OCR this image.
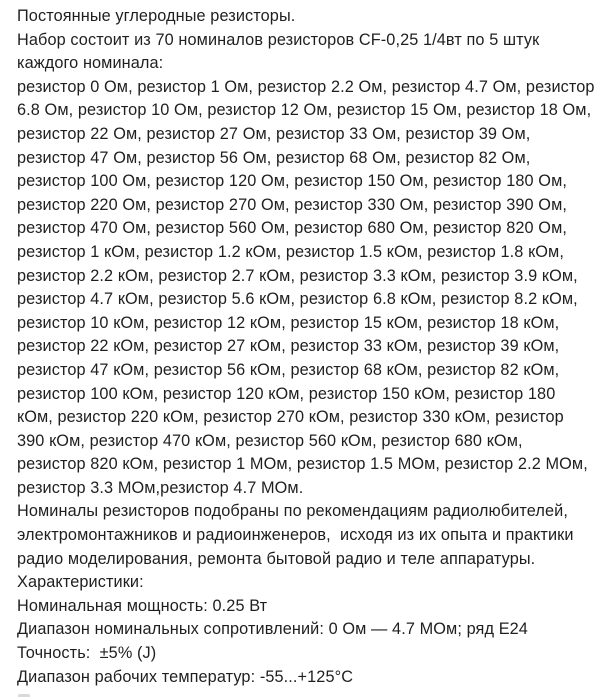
Постоянные углеродные резисторы.
Набор состоит из 70 номиналов резисторов CF-0,25 1/4вт по 5 штук
каждого номинала:
резистор 0 Ом, резистор 1 Ом, резистор 2.2 Ом, резистор 4.7 Ом, резистор
6.8 Ом, резистор 10 Ом, резистор 12 Ом, резистор 15 Ом, резистор 18 Ом,
резистор 22 Ом, резистор 27 Ом, резистор 33 Ом, резистор 39 Ом,
резистор 47 Ом, резистор 56 Ом, резистор 68 Ом, резистор 82 Ом,
резистор 100 Ом, резистор 120 Ом, резистор 150 Ом, резистор 180 Ом,
резистор 220 Ом, резистор 270 Ом, резистор 330 Ом, резистор 390 Ом,
резистор 470 Ом, резистор 560 Ом, резистор 680 Ом, резистор 820 Ом,
резистор 1 кОм, резистор 1.2 кОм, резистор 1.5 кОм, резистор 1.8 кОм,
резистор 2.2 кОм, резистор 2.7 кОм, резистор 3.3 кОм, резистор 3.9 кОм,
резистор 4.7 кОм, резистор 5.6 кОм, резистор 6.8 кОм, резистор 8.2 кОм,
резистор 10 кОм, резистор 12 кОм, резистор 15 кОм, резистор 18 кОм,
резистор 22 кОм, резистор 27 кОм, резистор 33 кОм, резистор 39 кОм,
резистор 47 кОм, резистор 56 кОм, резистор 68 кОм, резистор 82 кОм,
резистор 100 кОм, резистор 120 кОм, резистор 150 кОм, резистор 180
кОм, резистор 220 кОм, резистор 270 кОм, резистор 330 кОм, резистор
390 кОм, резистор 470 кОм, резистор 560 кОм, резистор 680 кОм,
резистор 820 кОм, резистор 1 МОм, резистор 1.5 МОм, резистор 2.2 МОм,
резистор 3.3 МОм,резистор 4.7 МОм.
Номиналы резисторов подобраны по рекомендациям радиолюбителей,
электромонтажников и радиоинженеров,  исходя из их опыта и практики
радио моделирования, ремонта бытовой радио и теле аппаратуры.
Характеристики:
Номинальная мощность: 0.25 Вт
Диапазон номинальных сопротивлений: 0 Ом — 4.7 МОм; ряд E24
Точность:  ±5% (J)
Диапазон рабочих температур: -55...+125°C
